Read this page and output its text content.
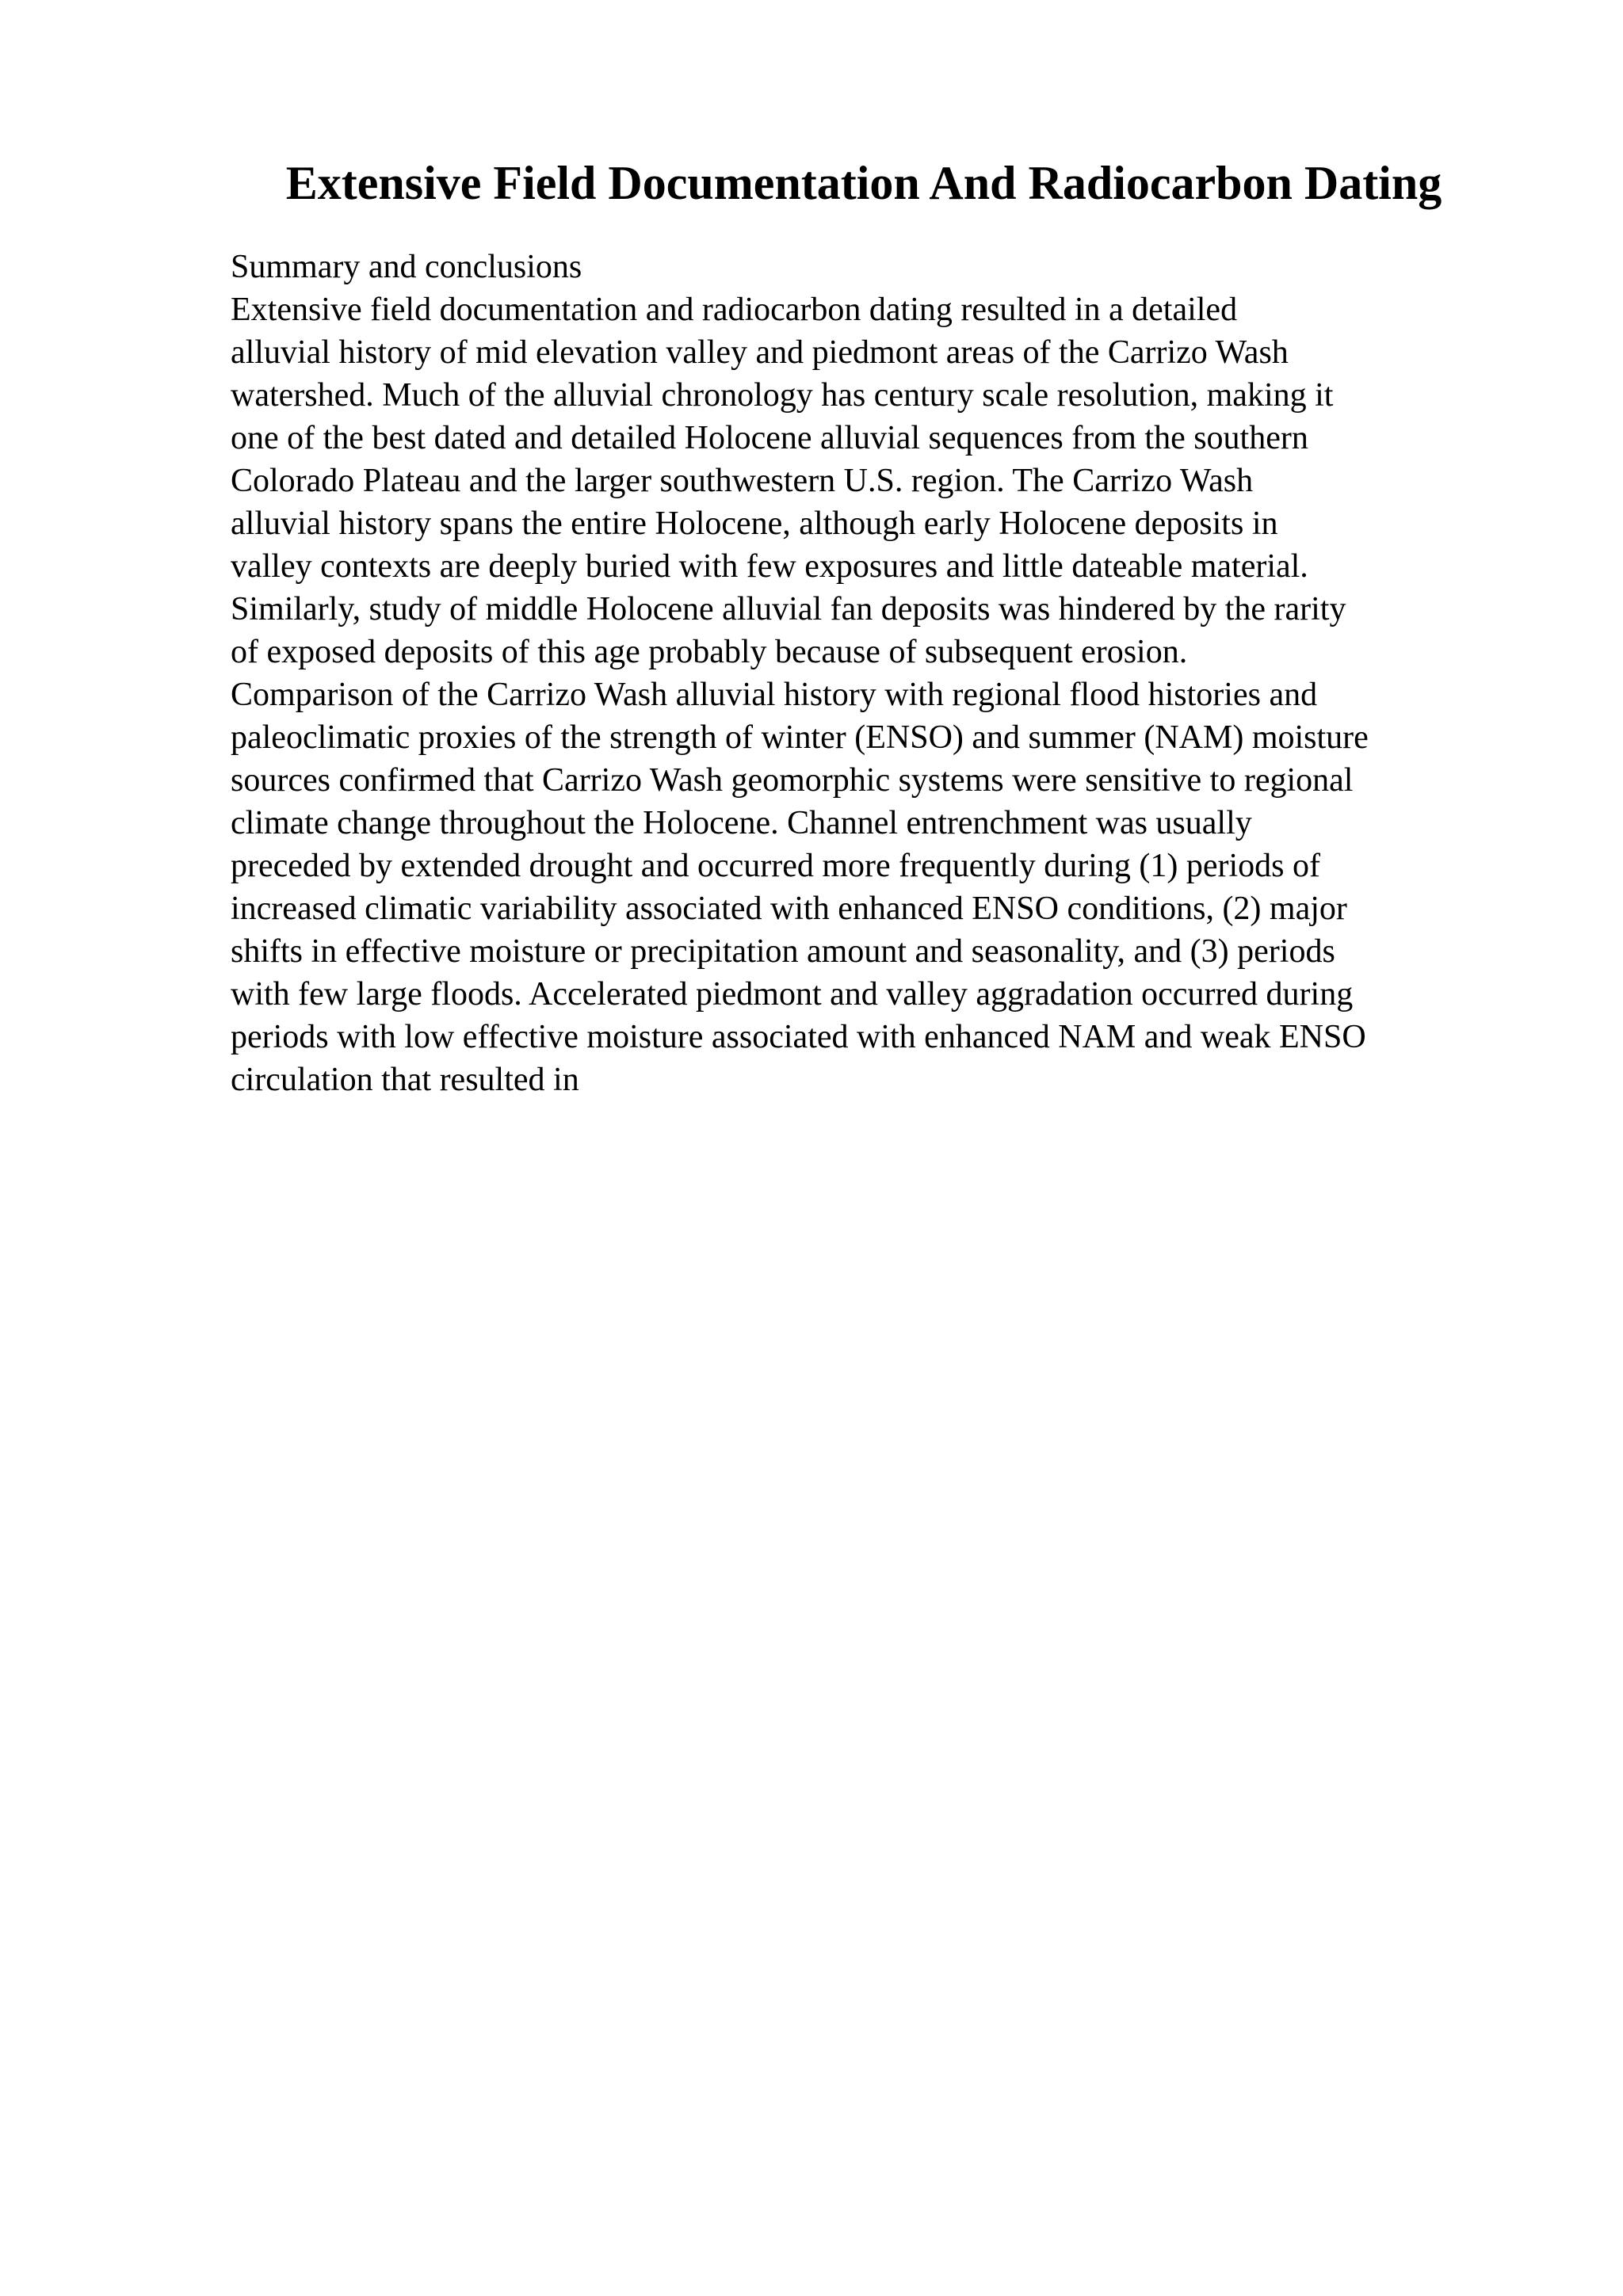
Extensive Field Documentation And Radiocarbon Dating
Summary and conclusions
Extensive field documentation and radiocarbon dating resulted in a detailed
alluvial history of mid elevation valley and piedmont areas of the Carrizo Wash
watershed. Much of the alluvial chronology has century scale resolution, making it
one of the best dated and detailed Holocene alluvial sequences from the southern
Colorado Plateau and the larger southwestern U.S. region. The Carrizo Wash
alluvial history spans the entire Holocene, although early Holocene deposits in
valley contexts are deeply buried with few exposures and little dateable material.
Similarly, study of middle Holocene alluvial fan deposits was hindered by the rarity
of exposed deposits of this age probably because of subsequent erosion.
Comparison of the Carrizo Wash alluvial history with regional flood histories and
paleoclimatic proxies of the strength of winter (ENSO) and summer (NAM) moisture
sources confirmed that Carrizo Wash geomorphic systems were sensitive to regional
climate change throughout the Holocene. Channel entrenchment was usually
preceded by extended drought and occurred more frequently during (1) periods of
increased climatic variability associated with enhanced ENSO conditions, (2) major
shifts in effective moisture or precipitation amount and seasonality, and (3) periods
with few large floods. Accelerated piedmont and valley aggradation occurred during
periods with low effective moisture associated with enhanced NAM and weak ENSO
circulation that resulted in
